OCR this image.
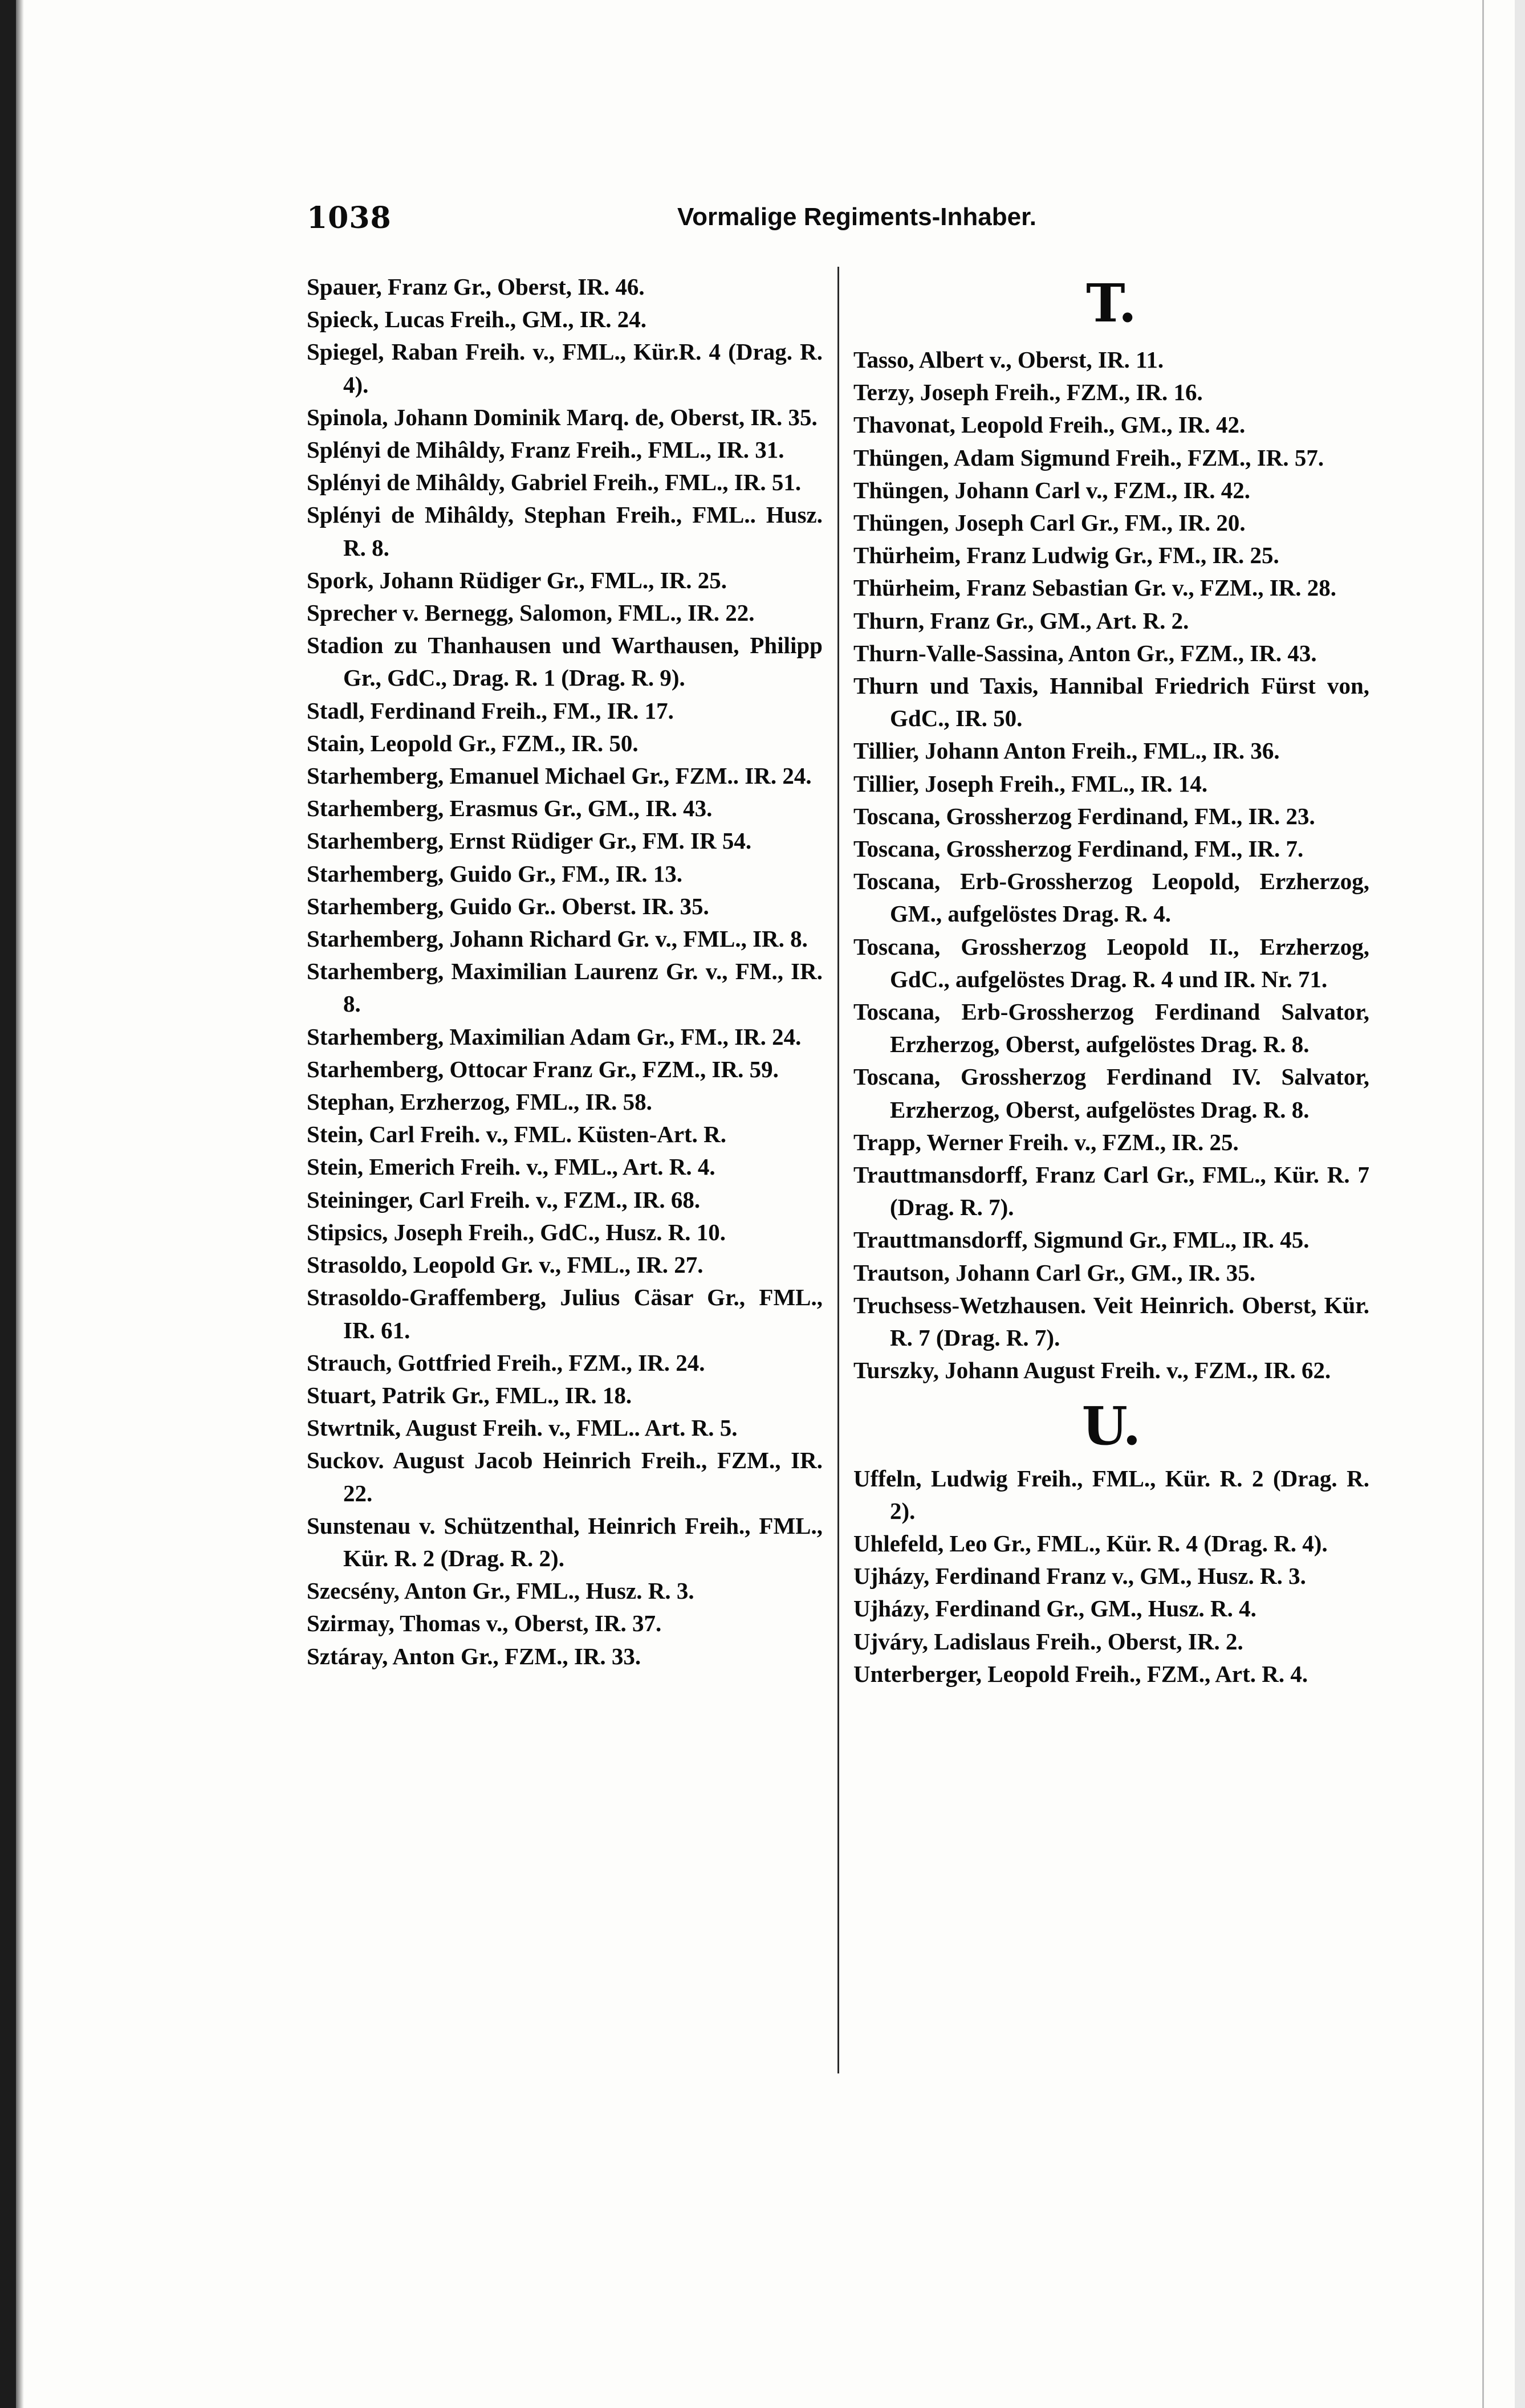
1038	Vormalige Regiments-Inhaber.

Spauer, Franz Gr., Oberst, IR. 46.

Spieck, Lucas Freih., GM., IR. 24.

Spiegel, Raban Freih. v., FML., Kür.R. 4 (Drag. R. 4).

Spinola, Johann Dominik Marq. de, Oberst, IR. 35.

Splényi de Mihâldy, Franz Freih., FML., IR. 31.

Splényi de Mihâldy, Gabriel Freih., FML., IR. 51.

Splényi de Mihâldy, Stephan Freih., FML.. Husz. R. 8.

Spork, Johann Rüdiger Gr., FML., IR. 25.

Sprecher v. Bernegg, Salomon, FML., IR. 22.

Stadion zu Thanhausen und Warthausen, Philipp Gr., GdC., Drag. R. 1 (Drag. R. 9).

Stadl, Ferdinand Freih., FM., IR. 17.

Stain, Leopold Gr., FZM., IR. 50.

Starhemberg, Emanuel Michael Gr., FZM.. IR. 24.

Starhemberg, Erasmus Gr., GM., IR. 43.

Starhemberg, Ernst Rüdiger Gr., FM. IR 54.

Starhemberg, Guido Gr., FM., IR. 13.

Starhemberg, Guido Gr.. Oberst. IR. 35.

Starhemberg, Johann Richard Gr. v., FML., IR. 8.

Starhemberg, Maximilian Laurenz Gr. v., FM., IR. 8.

Starhemberg, Maximilian Adam Gr., FM., IR. 24.

Starhemberg, Ottocar Franz Gr., FZM., IR. 59.

Stephan, Erzherzog, FML., IR. 58.

Stein, Carl Freih. v., FML. Küsten-Art. R.

Stein, Emerich Freih. v., FML., Art. R. 4.

Steininger, Carl Freih. v., FZM., IR. 68.

Stipsics, Joseph Freih., GdC., Husz. R. 10.

Strasoldo, Leopold Gr. v., FML., IR. 27.

Strasoldo-Graffemberg, Julius Cäsar Gr., FML., IR. 61.

Strauch, Gottfried Freih., FZM., IR. 24.

Stuart, Patrik Gr., FML., IR. 18.

Stwrtnik, August Freih. v., FML.. Art. R. 5.

Suckov. August Jacob Heinrich Freih., FZM., IR. 22.

Sunstenau v. Schützenthal, Heinrich Freih., FML., Kür. R. 2 (Drag. R. 2).

Szecsény, Anton Gr., FML., Husz. R. 3.

Szirmay, Thomas v., Oberst, IR. 37.

Sztáray, Anton Gr., FZM., IR. 33.

T.

Tasso, Albert v., Oberst, IR. 11.

Terzy, Joseph Freih., FZM., IR. 16.

Thavonat, Leopold Freih., GM., IR. 42.

Thüngen, Adam Sigmund Freih., FZM., IR. 57.

Thüngen, Johann Carl v., FZM., IR. 42.

Thüngen, Joseph Carl Gr., FM., IR. 20.

Thürheim, Franz Ludwig Gr., FM., IR. 25.

Thürheim, Franz Sebastian Gr. v., FZM., IR. 28.

Thurn, Franz Gr., GM., Art. R. 2.

Thurn-Valle-Sassina, Anton Gr., FZM., IR. 43.

Thurn und Taxis, Hannibal Friedrich Fürst von, GdC., IR. 50.

Tillier, Johann Anton Freih., FML., IR. 36.

Tillier, Joseph Freih., FML., IR. 14.

Toscana, Grossherzog Ferdinand, FM., IR. 23.

Toscana, Grossherzog Ferdinand, FM., IR. 7.

Toscana, Erb-Grossherzog Leopold, Erzherzog, GM., aufgelöstes Drag. R. 4.

Toscana, Grossherzog Leopold II., Erzherzog, GdC., aufgelöstes Drag. R. 4 und IR. Nr. 71.

Toscana, Erb-Grossherzog Ferdinand Salvator, Erzherzog, Oberst, aufgelöstes Drag. R. 8.

Toscana, Grossherzog Ferdinand IV. Salvator, Erzherzog, Oberst, aufgelöstes Drag. R. 8.

Trapp, Werner Freih. v., FZM., IR. 25.

Trauttmansdorff, Franz Carl Gr., FML., Kür. R. 7 (Drag. R. 7).

Trauttmansdorff, Sigmund Gr., FML., IR. 45.

Trautson, Johann Carl Gr., GM., IR. 35.

Truchsess-Wetzhausen. Veit Heinrich. Oberst, Kür. R. 7 (Drag. R. 7).

Turszky, Johann August Freih. v., FZM., IR. 62.

U.

Uffeln, Ludwig Freih., FML., Kür. R. 2 (Drag. R. 2).

Uhlefeld, Leo Gr., FML., Kür. R. 4 (Drag. R. 4).

Ujházy, Ferdinand Franz v., GM., Husz. R. 3.

Ujházy, Ferdinand Gr., GM., Husz. R. 4.

Ujváry, Ladislaus Freih., Oberst, IR. 2.

Unterberger, Leopold Freih., FZM., Art. R. 4.
